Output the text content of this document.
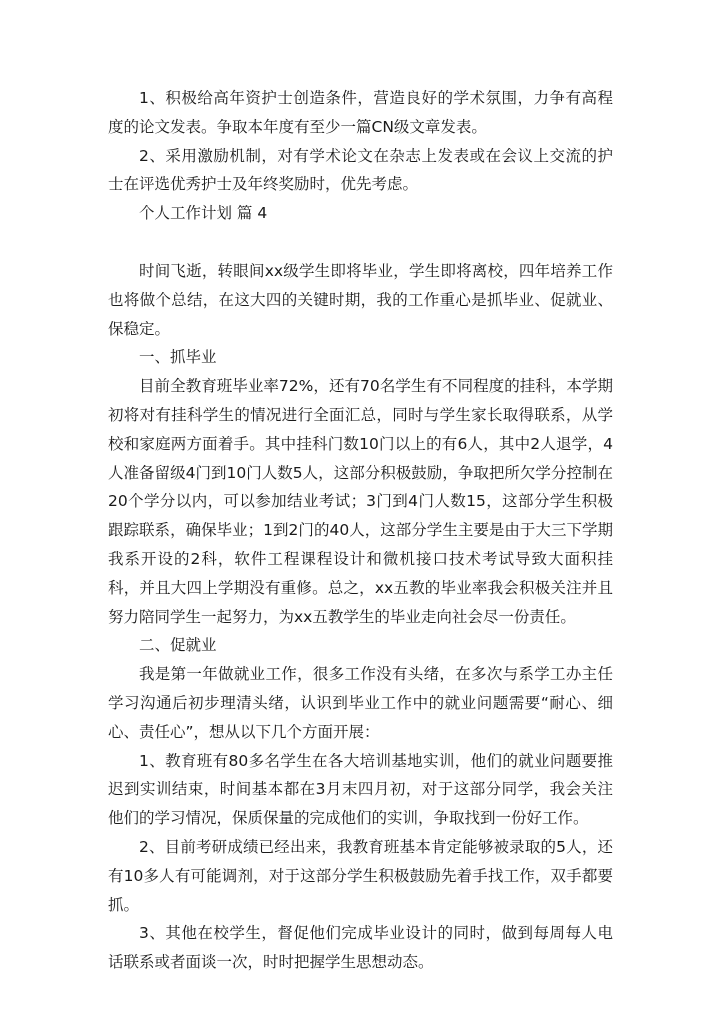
1、积极给高年资护士创造条件，营造良好的学术氛围，力争有高程度的论文发表。争取本年度有至少一篇CN级文章发表。

2、采用激励机制，对有学术论文在杂志上发表或在会议上交流的护士在评选优秀护士及年终奖励时，优先考虑。

个人工作计划 篇 4

时间飞逝，转眼间xx级学生即将毕业，学生即将离校，四年培养工作也将做个总结，在这大四的关键时期，我的工作重心是抓毕业、促就业、保稳定。

一、抓毕业

目前全教育班毕业率72%，还有70名学生有不同程度的挂科，本学期初将对有挂科学生的情况进行全面汇总，同时与学生家长取得联系，从学校和家庭两方面着手。其中挂科门数10门以上的有6人，其中2人退学，4人准备留级4门到10门人数5人，这部分积极鼓励，争取把所欠学分控制在20个学分以内，可以参加结业考试；3门到4门人数15，这部分学生积极跟踪联系，确保毕业；1到2门的40人，这部分学生主要是由于大三下学期我系开设的2科，软件工程课程设计和微机接口技术考试导致大面积挂科，并且大四上学期没有重修。总之，xx五教的毕业率我会积极关注并且努力陪同学生一起努力，为xx五教学生的毕业走向社会尽一份责任。

二、促就业

我是第一年做就业工作，很多工作没有头绪，在多次与系学工办主任学习沟通后初步理清头绪，认识到毕业工作中的就业问题需要“耐心、细心、责任心”，想从以下几个方面开展：

1、教育班有80多名学生在各大培训基地实训，他们的就业问题要推迟到实训结束，时间基本都在3月末四月初，对于这部分同学，我会关注他们的学习情况，保质保量的完成他们的实训，争取找到一份好工作。

2、目前考研成绩已经出来，我教育班基本肯定能够被录取的5人，还有10多人有可能调剂，对于这部分学生积极鼓励先着手找工作，双手都要抓。

3、其他在校学生，督促他们完成毕业设计的同时，做到每周每人电话联系或者面谈一次，时时把握学生思想动态。
